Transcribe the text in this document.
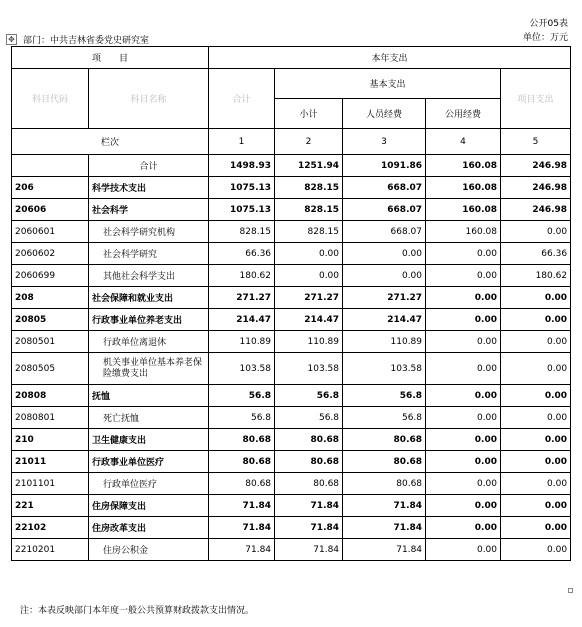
公开05表
单位：万元
✥ 部门：中共吉林省委党史研究室
项　　目		本年支出				
科目代码	科目名称	合计	基本支出			项目支出
			小计	人员经费	公用经费	
栏次		1	2	3	4	5
	合计	1498.93	1251.94	1091.86	160.08	246.98
206	科学技术支出	1075.13	828.15	668.07	160.08	246.98
20606	社会科学	1075.13	828.15	668.07	160.08	246.98
2060601	社会科学研究机构	828.15	828.15	668.07	160.08	0.00
2060602	社会科学研究	66.36	0.00	0.00	0.00	66.36
2060699	其他社会科学支出	180.62	0.00	0.00	0.00	180.62
208	社会保障和就业支出	271.27	271.27	271.27	0.00	0.00
20805	行政事业单位养老支出	214.47	214.47	214.47	0.00	0.00
2080501	行政单位离退休	110.89	110.89	110.89	0.00	0.00
2080505	机关事业单位基本养老保险缴费支出	103.58	103.58	103.58	0.00	0.00
20808	抚恤	56.8	56.8	56.8	0.00	0.00
2080801	死亡抚恤	56.8	56.8	56.8	0.00	0.00
210	卫生健康支出	80.68	80.68	80.68	0.00	0.00
21011	行政事业单位医疗	80.68	80.68	80.68	0.00	0.00
2101101	行政单位医疗	80.68	80.68	80.68	0.00	0.00
221	住房保障支出	71.84	71.84	71.84	0.00	0.00
22102	住房改革支出	71.84	71.84	71.84	0.00	0.00
2210201	住房公积金	71.84	71.84	71.84	0.00	0.00
注：本表反映部门本年度一般公共预算财政拨款支出情况。
